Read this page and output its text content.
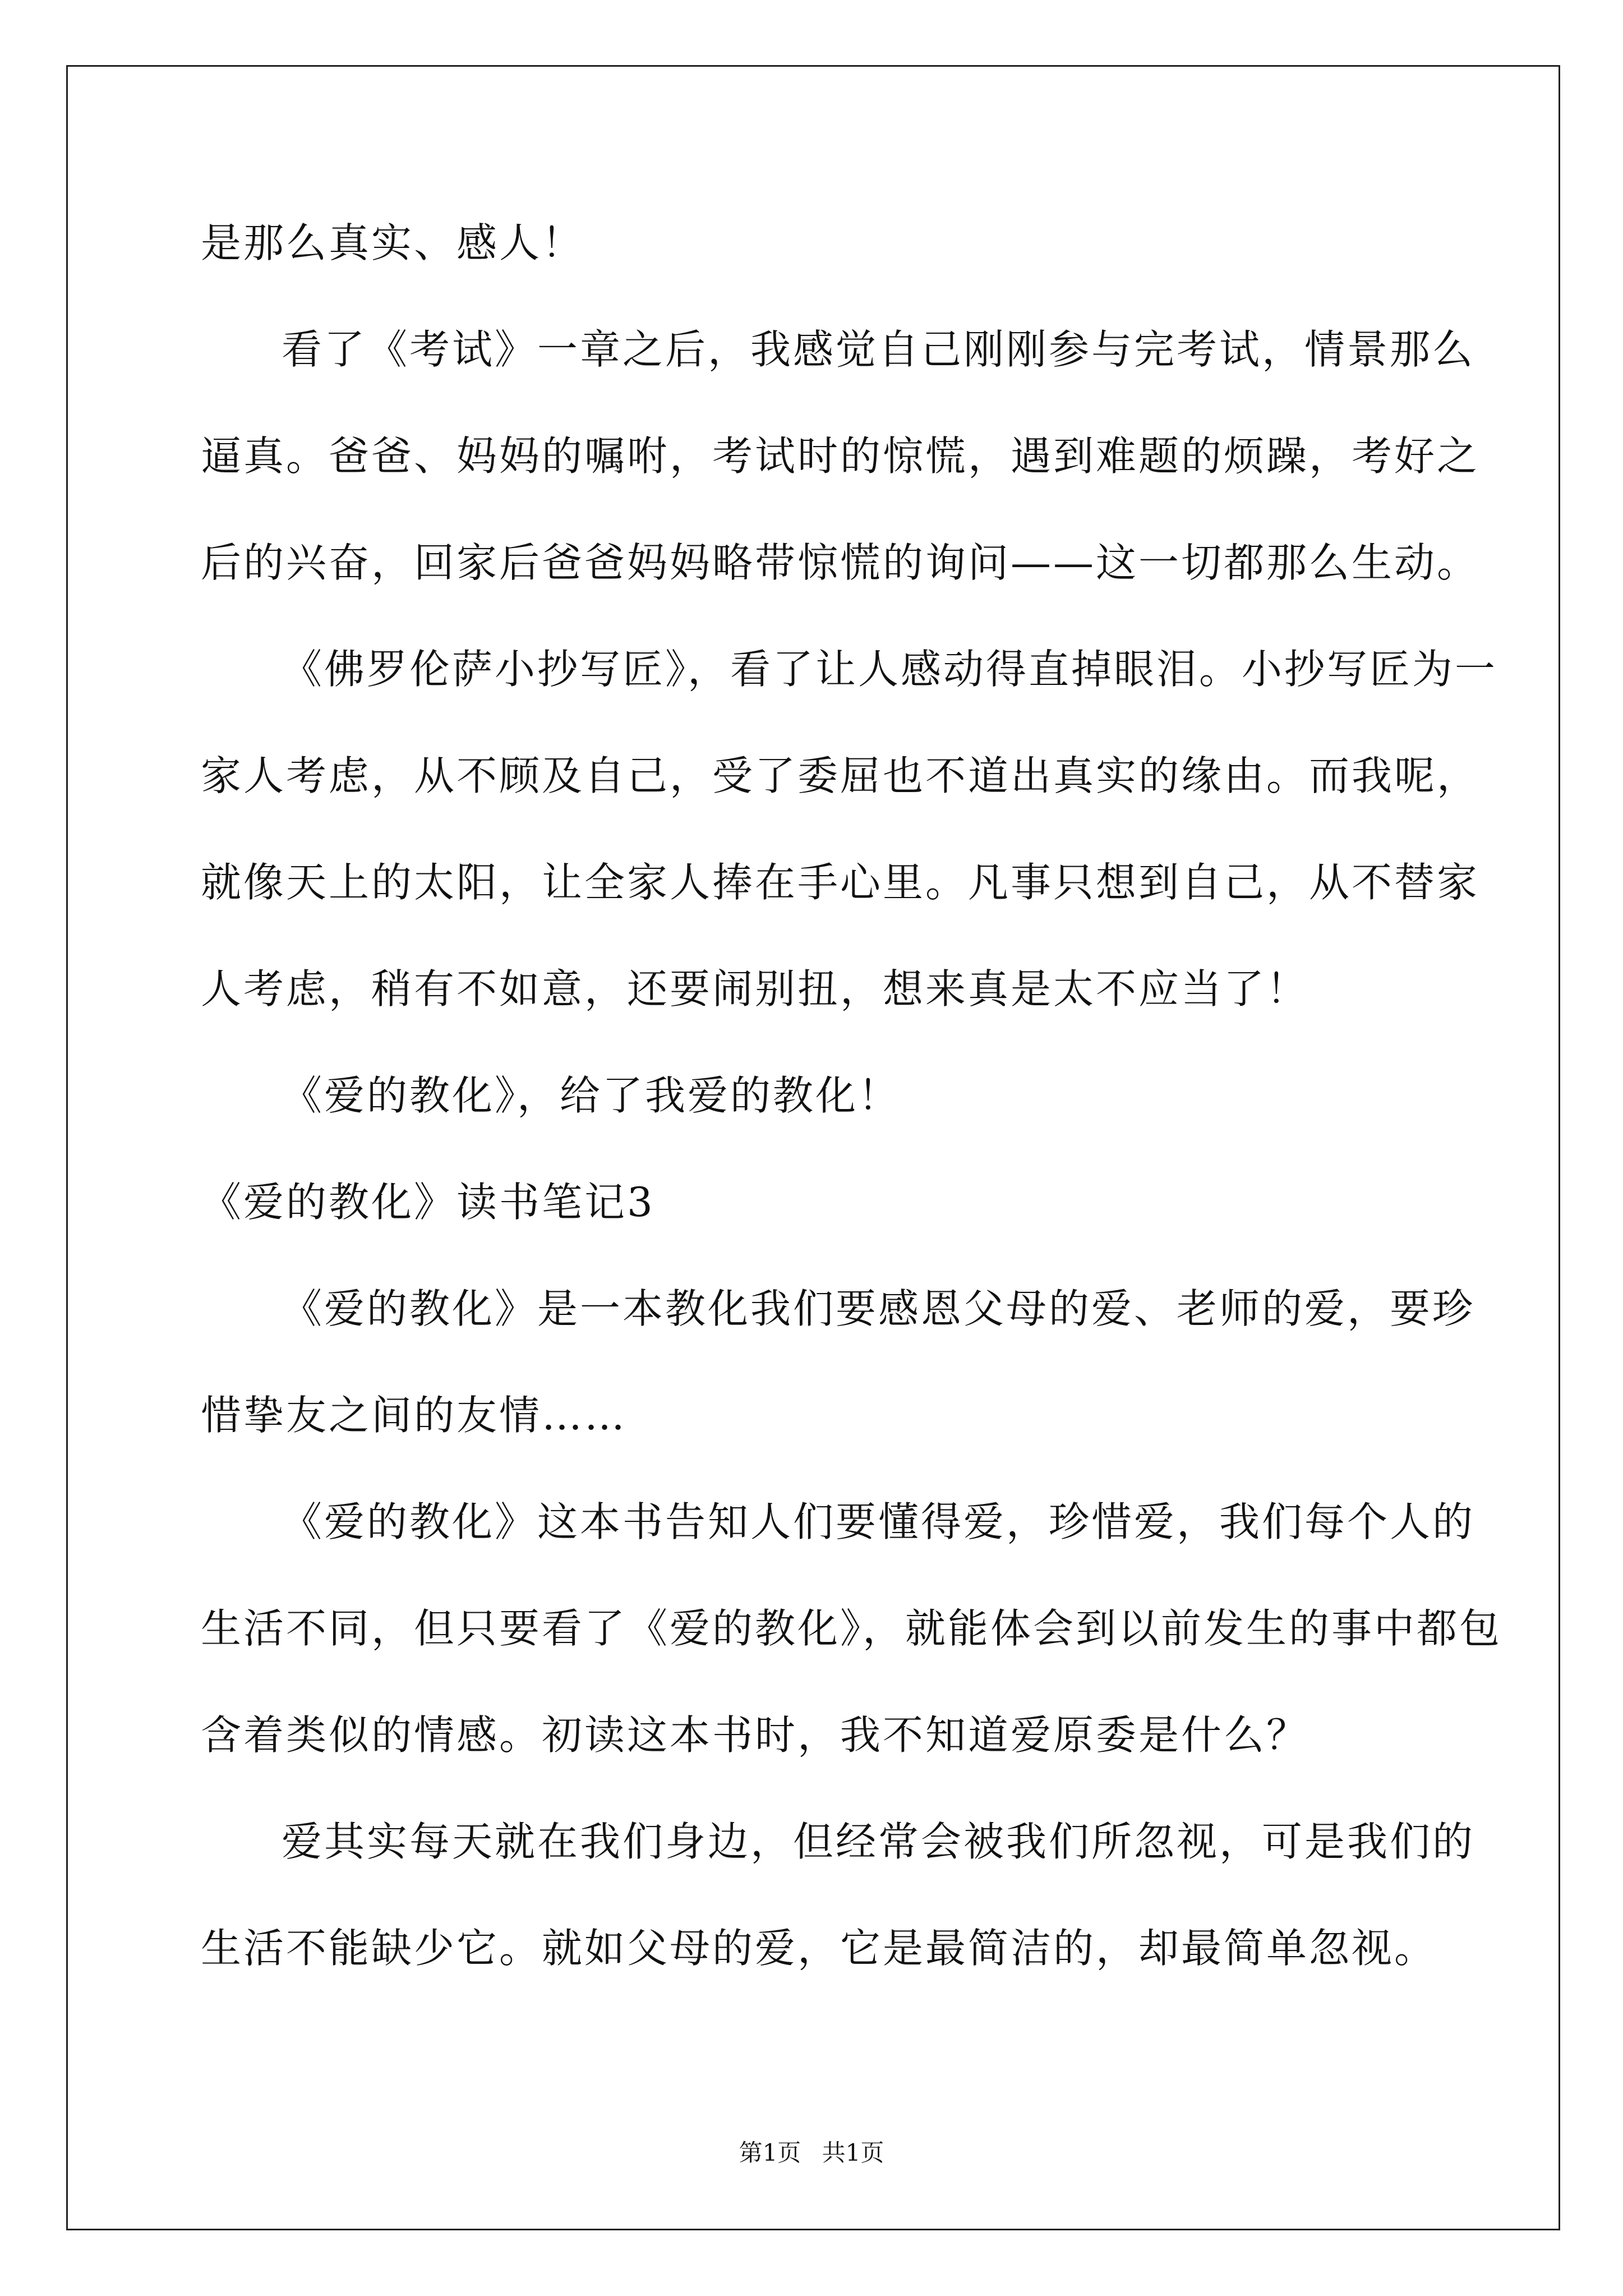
是那么真实、感人！
看了《考试》一章之后，我感觉自己刚刚参与完考试，情景那么
逼真。爸爸、妈妈的嘱咐，考试时的惊慌，遇到难题的烦躁，考好之
后的兴奋，回家后爸爸妈妈略带惊慌的询问——这一切都那么生动。
《佛罗伦萨小抄写匠》，看了让人感动得直掉眼泪。小抄写匠为一
家人考虑，从不顾及自己，受了委屈也不道出真实的缘由。而我呢，
就像天上的太阳，让全家人捧在手心里。凡事只想到自己，从不替家
人考虑，稍有不如意，还要闹别扭，想来真是太不应当了！
《爱的教化》，给了我爱的教化！
《爱的教化》读书笔记3
《爱的教化》是一本教化我们要感恩父母的爱、老师的爱，要珍
惜挚友之间的友情……
《爱的教化》这本书告知人们要懂得爱，珍惜爱，我们每个人的
生活不同，但只要看了《爱的教化》，就能体会到以前发生的事中都包
含着类似的情感。初读这本书时，我不知道爱原委是什么？
爱其实每天就在我们身边，但经常会被我们所忽视，可是我们的
生活不能缺少它。就如父母的爱，它是最简洁的，却最简单忽视。
第1页 共1页
